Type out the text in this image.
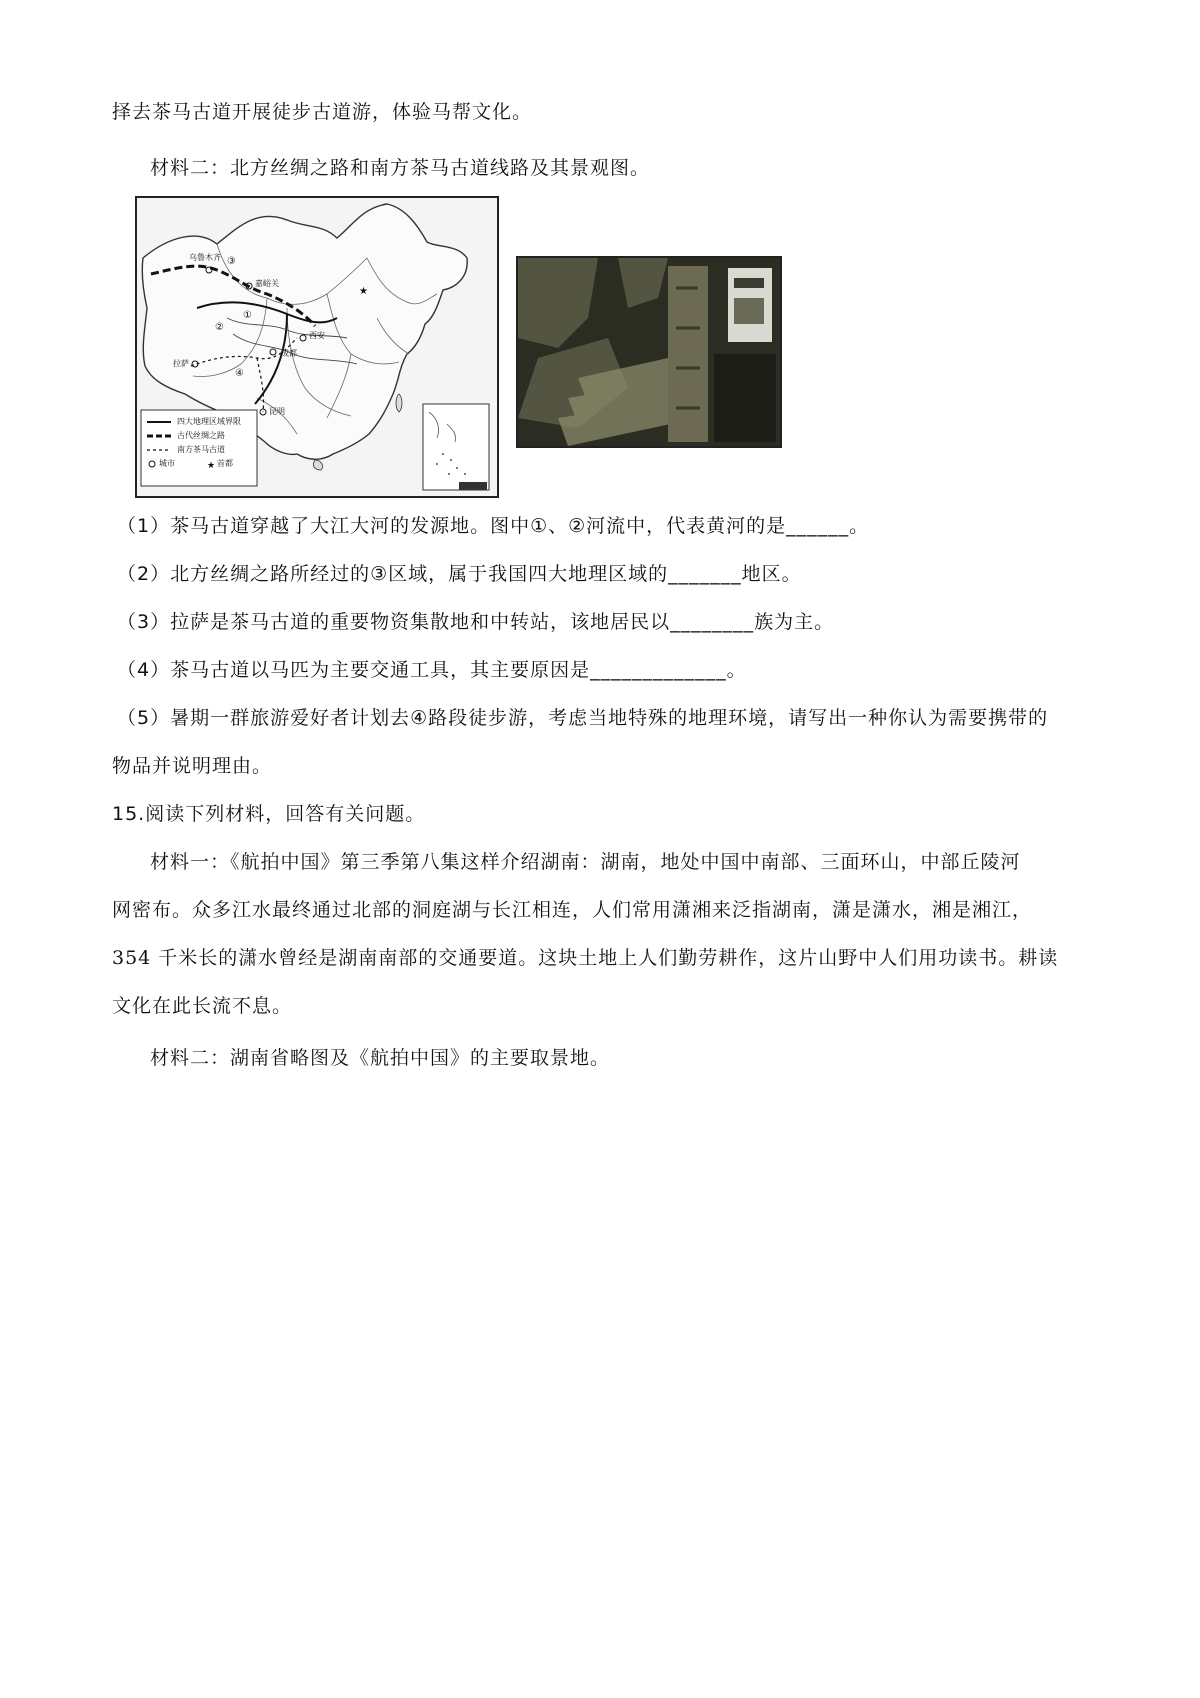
择去茶马古道开展徒步古道游，体验马帮文化。
材料二：北方丝绸之路和南方茶马古道线路及其景观图。
★
★
乌鲁木齐
嘉峪关
拉萨
成都
西安
昆明
③
①
②
④
四大地理区域界限
古代丝绸之路
南方茶马古道
城市	首都
（1）茶马古道穿越了大江大河的发源地。图中①、②河流中，代表黄河的是______。
（2）北方丝绸之路所经过的③区域，属于我国四大地理区域的_______地区。
（3）拉萨是茶马古道的重要物资集散地和中转站，该地居民以________族为主。
（4）茶马古道以马匹为主要交通工具，其主要原因是_____________。
（5）暑期一群旅游爱好者计划去④路段徒步游，考虑当地特殊的地理环境，请写出一种你认为需要携带的
物品并说明理由。
15.阅读下列材料，回答有关问题。
材料一：《航拍中国》第三季第八集这样介绍湖南：湖南，地处中国中南部、三面环山，中部丘陵河
网密布。众多江水最终通过北部的洞庭湖与长江相连，人们常用潇湘来泛指湖南，潇是潇水，湘是湘江，
354 千米长的潇水曾经是湖南南部的交通要道。这块土地上人们勤劳耕作，这片山野中人们用功读书。耕读
文化在此长流不息。
材料二：湖南省略图及《航拍中国》的主要取景地。
